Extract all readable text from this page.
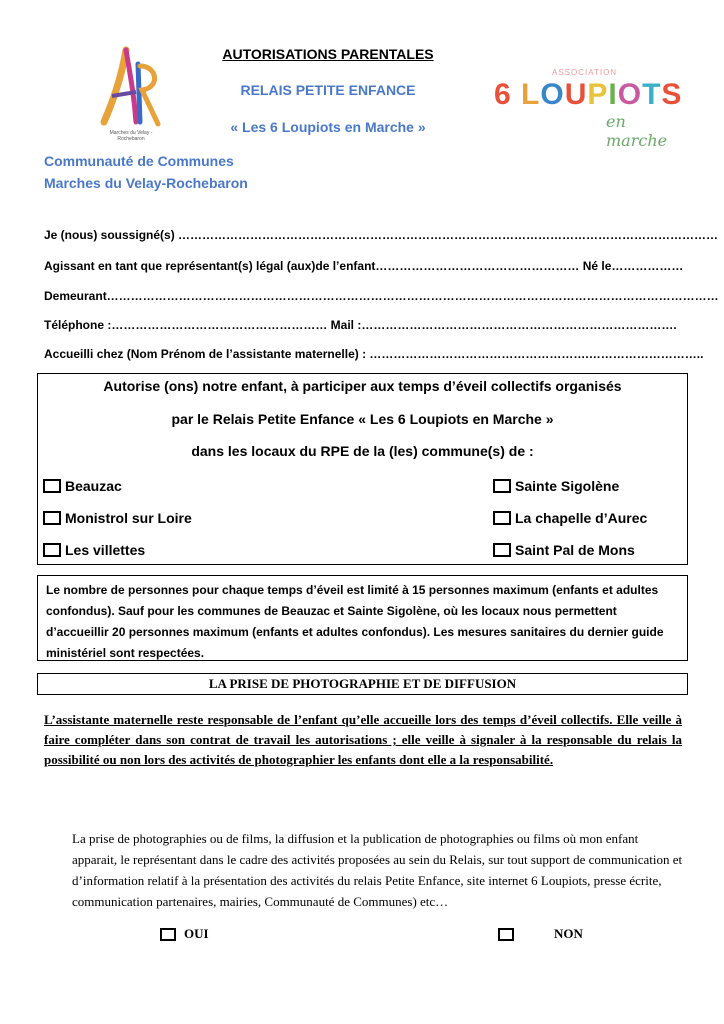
Marches du Velay - Rochebaron
AUTORISATIONS PARENTALES
RELAIS PETITE ENFANCE
« Les 6 Loupiots en Marche »
ASSOCIATION
6 LOUPIOTS
en marche
Communauté de Communes
Marches du Velay-Rochebaron
Je (nous) soussigné(s) ………………………………………………………………………………………………………………………
Agissant en tant que représentant(s) légal (aux)de l’enfant…………………………………………… Né le………………
Demeurant………………………………………………………………………………………………………………………………………
Téléphone :……………………………………………… Mail :…………………………………………………………………….
Accueilli chez (Nom Prénom de l’assistante maternelle) : ……………………………………………….………………………..
Autorise (ons) notre enfant, à participer aux temps d’éveil collectifs organisés
par le Relais Petite Enfance « Les 6 Loupiots en Marche »
dans les locaux du RPE de la (les) commune(s) de :
Beauzac
Monistrol sur Loire
Les villettes
Sainte Sigolène
La chapelle d’Aurec
Saint Pal de Mons
Le nombre de personnes pour chaque temps d’éveil est limité à 15 personnes maximum (enfants et adultes confondus). Sauf pour les communes de Beauzac et Sainte Sigolène, où les locaux nous permettent d’accueillir 20 personnes maximum (enfants et adultes confondus). Les mesures sanitaires du dernier guide ministériel sont respectées.
LA PRISE DE PHOTOGRAPHIE ET DE DIFFUSION
L’assistante maternelle reste responsable de l’enfant qu’elle accueille lors des temps d’éveil collectifs. Elle veille à faire compléter dans son contrat de travail les autorisations ; elle veille à signaler à la responsable du relais la possibilité ou non lors des activités de photographier les enfants dont elle a la responsabilité.
La prise de photographies ou de films, la diffusion et la publication de photographies ou films où mon enfant apparait, le représentant dans le cadre des activités proposées au sein du Relais, sur tout support de communication et d’information relatif à la présentation des activités du relais Petite Enfance, site internet 6 Loupiots, presse écrite, communication partenaires, mairies, Communauté de Communes) etc…
OUI	NON
